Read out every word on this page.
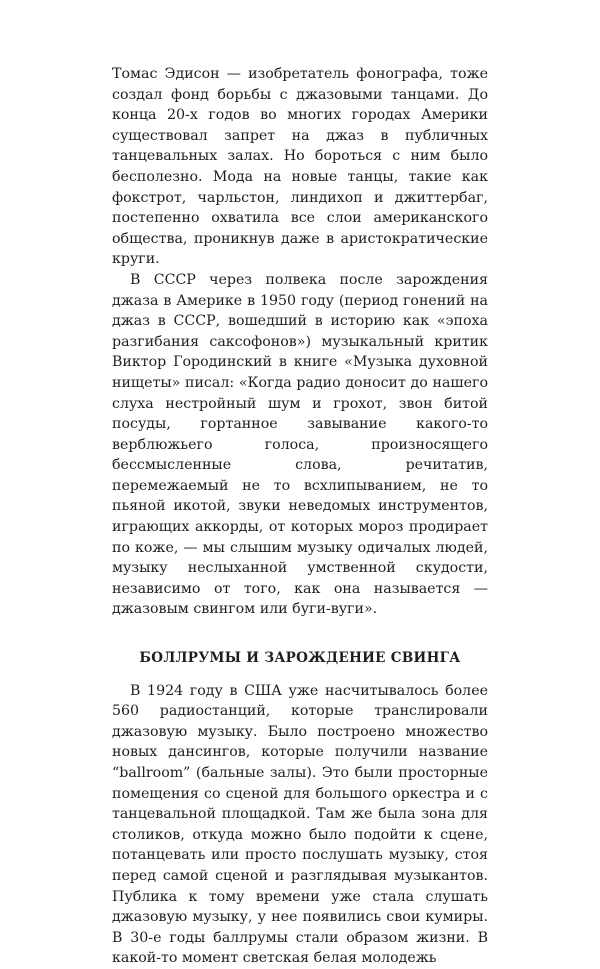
Томас Эдисон — изобретатель фонографа, тоже создал фонд борьбы с джазовыми танцами. До конца 20-х годов во многих городах Америки существовал запрет на джаз в публичных танцевальных залах. Но бороться с ним было бесполезно. Мода на новые танцы, такие как фокстрот, чарльстон, линдихоп и джиттербаг, постепенно охватила все слои американского общества, проникнув даже в аристократические круги.

В СССР через полвека после зарождения джаза в Америке в 1950 году (период гонений на джаз в СССР, вошедший в историю как «эпоха разгибания саксофонов») музыкальный критик Виктор Городинский в книге «Музыка духовной нищеты» писал: «Когда радио доносит до нашего слуха нестройный шум и грохот, звон битой посуды, гортанное завывание какого-то верблюжьего голоса, произносящего бессмысленные слова, речитатив, перемежаемый не то всхлипыванием, не то пьяной икотой, звуки неведомых инструментов, играющих аккорды, от которых мороз продирает по коже, — мы слышим музыку одичалых людей, музыку неслыханной умственной скудости, независимо от того, как она называется — джазовым свингом или буги-вуги».

БОЛЛРУМЫ И ЗАРОЖДЕНИЕ СВИНГА

В 1924 году в США уже насчитывалось более 560 радиостанций, которые транслировали джазовую музыку. Было построено множество новых дансингов, которые получили название “ballroom” (бальные залы). Это были просторные помещения со сценой для большого оркестра и с танцевальной площадкой. Там же была зона для столиков, откуда можно было подойти к сцене, потанцевать или просто послушать музыку, стоя перед самой сценой и разглядывая музыкантов. Публика к тому времени уже стала слушать джазовую музыку, у нее появились свои кумиры. В 30-е годы баллрумы стали образом жизни. В какой-то момент светская белая молодежь
